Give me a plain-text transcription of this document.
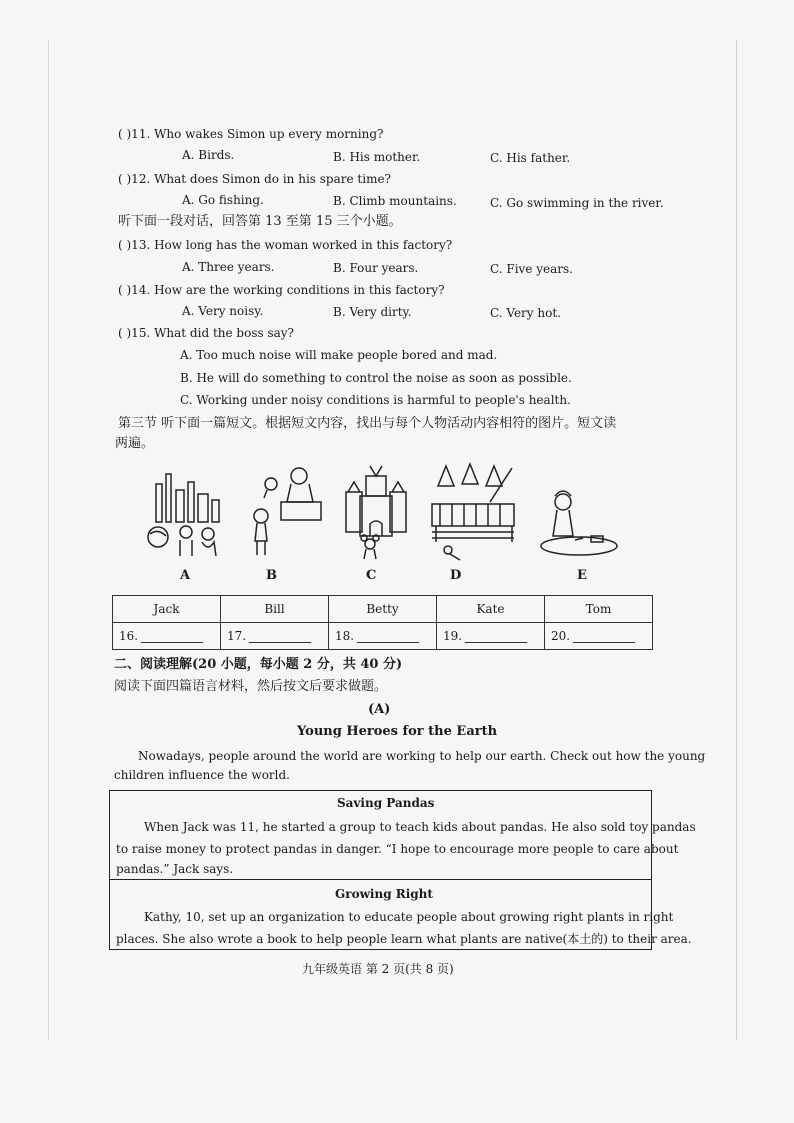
( )11. Who wakes Simon up every morning?
A. Birds.	B. His mother.	C. His father.
( )12. What does Simon do in his spare time?
A. Go fishing.	B. Climb mountains.	C. Go swimming in the river.
听下面一段对话，回答第 13 至第 15 三个小题。
( )13. How long has the woman worked in this factory?
A. Three years.	B. Four years.	C. Five years.
( )14. How are the working conditions in this factory?
A. Very noisy.	B. Very dirty.	C. Very hot.
( )15. What did the boss say?
A. Too much noise will make people bored and mad.
B. He will do something to control the noise as soon as possible.
C. Working under noisy conditions is harmful to people's health.
第三节 听下面一篇短文。根据短文内容，找出与每个人物活动内容相符的图片。短文读
两遍。
A	B	C	D	E
Jack	Bill	Betty	Kate	Tom
16.	17.	18.	19.	20.
二、阅读理解(20 小题，每小题 2 分，共 40 分)
阅读下面四篇语言材料，然后按文后要求做题。
(A)
Young Heroes for the Earth
Nowadays, people around the world are working to help our earth. Check out how the young
children influence the world.
Saving Pandas
When Jack was 11, he started a group to teach kids about pandas. He also sold toy pandas
to raise money to protect pandas in danger. “I hope to encourage more people to care about
pandas.” Jack says.
Growing Right
Kathy, 10, set up an organization to educate people about growing right plants in right
places. She also wrote a book to help people learn what plants are native(本土的) to their area.
九年级英语 第 2 页(共 8 页)
